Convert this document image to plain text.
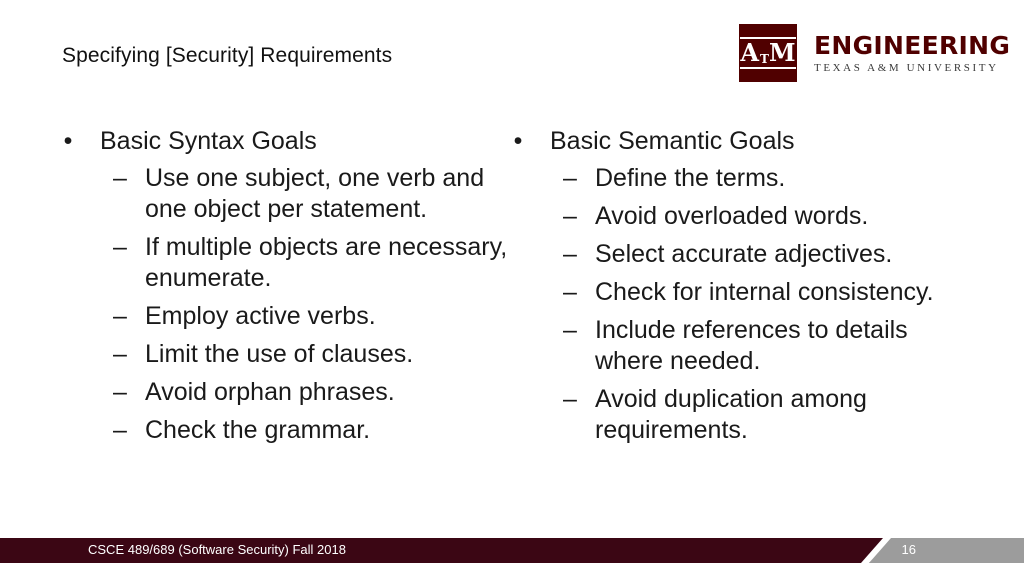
Specifying [Security] Requirements	A T M ENGINEERING
TEXAS A&M UNIVERSITY
• Basic Syntax Goals
– Use one subject, one verb and one object per statement.
– If multiple objects are necessary, enumerate.
– Employ active verbs.
– Limit the use of clauses.
– Avoid orphan phrases.
– Check the grammar.
• Basic Semantic Goals
– Define the terms.
– Avoid overloaded words.
– Select accurate adjectives.
– Check for internal consistency.
– Include references to details where needed.
– Avoid duplication among requirements.
CSCE 489/689 (Software Security) Fall 2018	16
